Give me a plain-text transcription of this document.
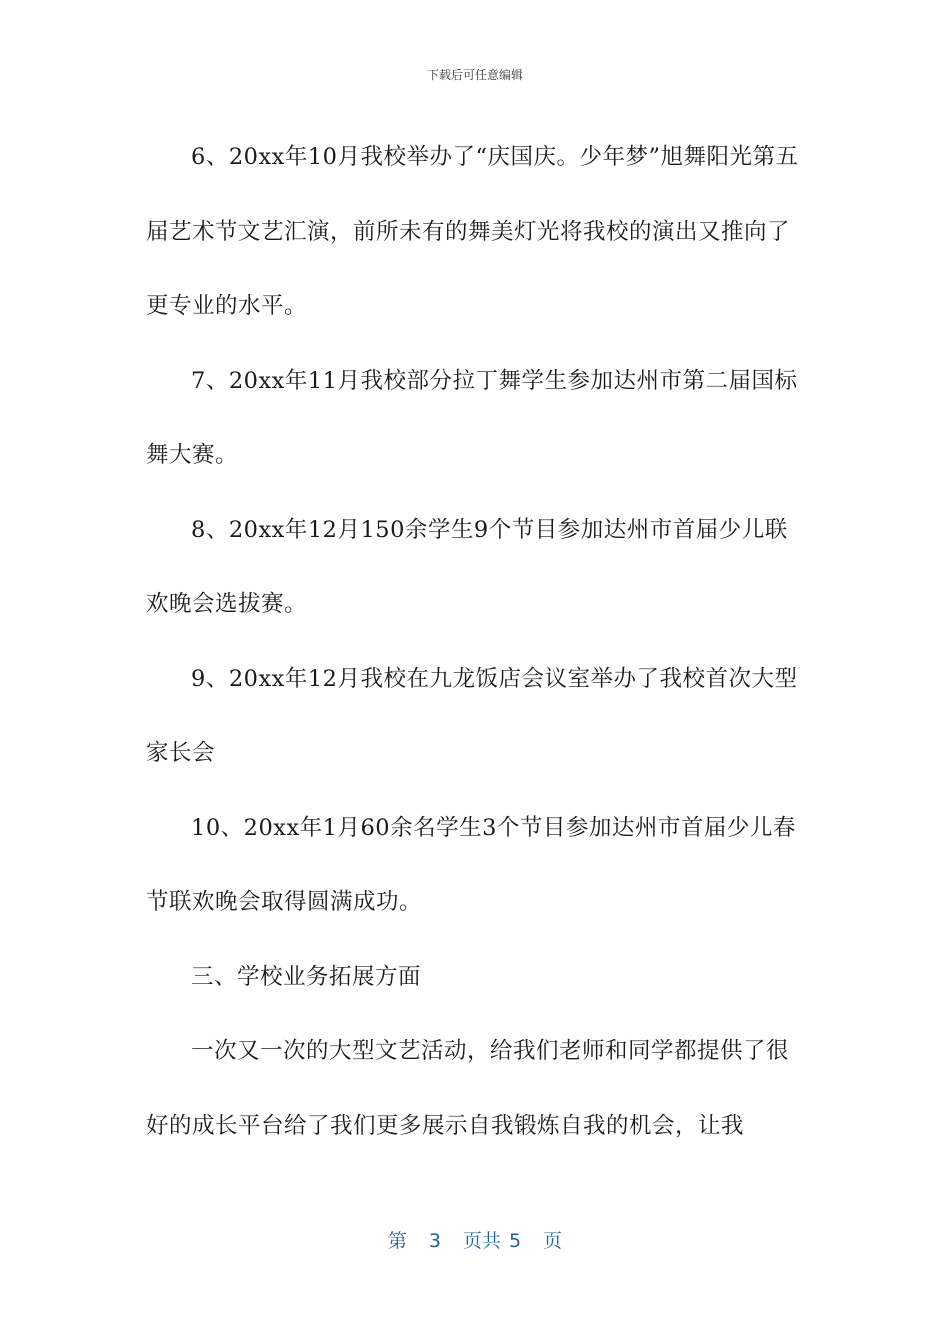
下载后可任意编辑

6、20xx年10月我校举办了“庆国庆。少年梦”旭舞阳光第五届艺术节文艺汇演，前所未有的舞美灯光将我校的演出又推向了更专业的水平。

7、20xx年11月我校部分拉丁舞学生参加达州市第二届国标舞大赛。

8、20xx年12月150余学生9个节目参加达州市首届少儿联欢晚会选拔赛。

9、20xx年12月我校在九龙饭店会议室举办了我校首次大型家长会

10、20xx年1月60余名学生3个节目参加达州市首届少儿春节联欢晚会取得圆满成功。

三、学校业务拓展方面

一次又一次的大型文艺活动，给我们老师和同学都提供了很好的成长平台给了我们更多展示自我锻炼自我的机会，让我

第 3 页共 5 页
